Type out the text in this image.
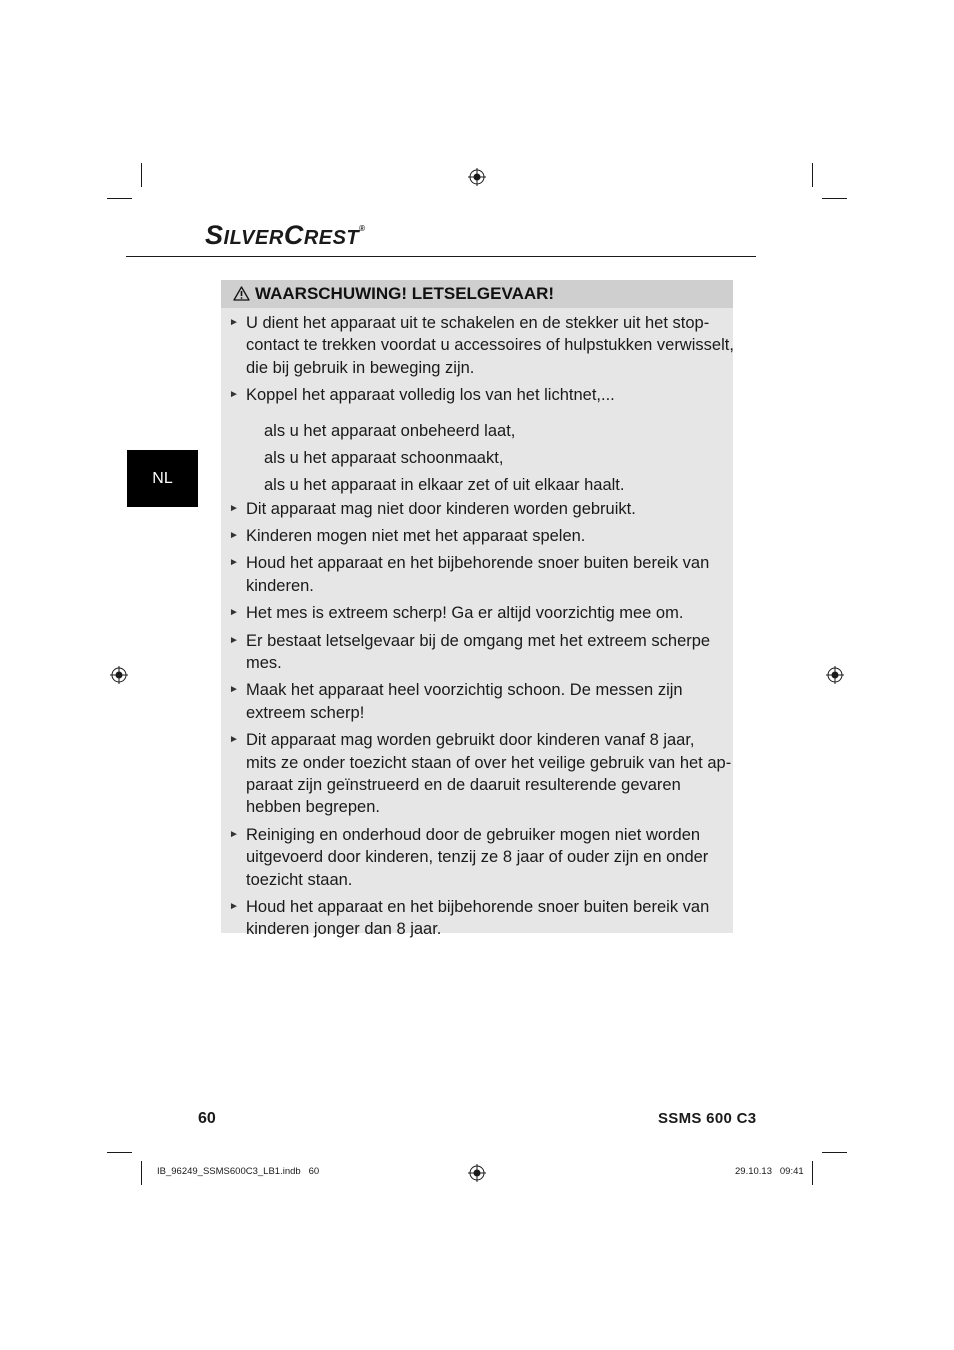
SILVERCREST®
NL
WAARSCHUWING! LETSELGEVAAR!
► U dient het apparaat uit te schakelen en de stekker uit het stop-
contact te trekken voordat u accessoires of hulpstukken verwisselt,
die bij gebruik in beweging zijn.
► Koppel het apparaat volledig los van het lichtnet,...
als u het apparaat onbeheerd laat,
als u het apparaat schoonmaakt,
als u het apparaat in elkaar zet of uit elkaar haalt.
► Dit apparaat mag niet door kinderen worden gebruikt.
► Kinderen mogen niet met het apparaat spelen.
► Houd het apparaat en het bijbehorende snoer buiten bereik van
kinderen.
► Het mes is extreem scherp! Ga er altijd voorzichtig mee om.
► Er bestaat letselgevaar bij de omgang met het extreem scherpe
mes.
► Maak het apparaat heel voorzichtig schoon. De messen zijn
extreem scherp!
► Dit apparaat mag worden gebruikt door kinderen vanaf 8 jaar,
mits ze onder toezicht staan of over het veilige gebruik van het ap-
paraat zijn geïnstrueerd en de daaruit resulterende gevaren
hebben begrepen.
► Reiniging en onderhoud door de gebruiker mogen niet worden
uitgevoerd door kinderen, tenzij ze 8 jaar of ouder zijn en onder
toezicht staan.
► Houd het apparaat en het bijbehorende snoer buiten bereik van
kinderen jonger dan 8 jaar.
60	SSMS 600 C3
IB_96249_SSMS600C3_LB1.indb   60	29.10.13   09:41
